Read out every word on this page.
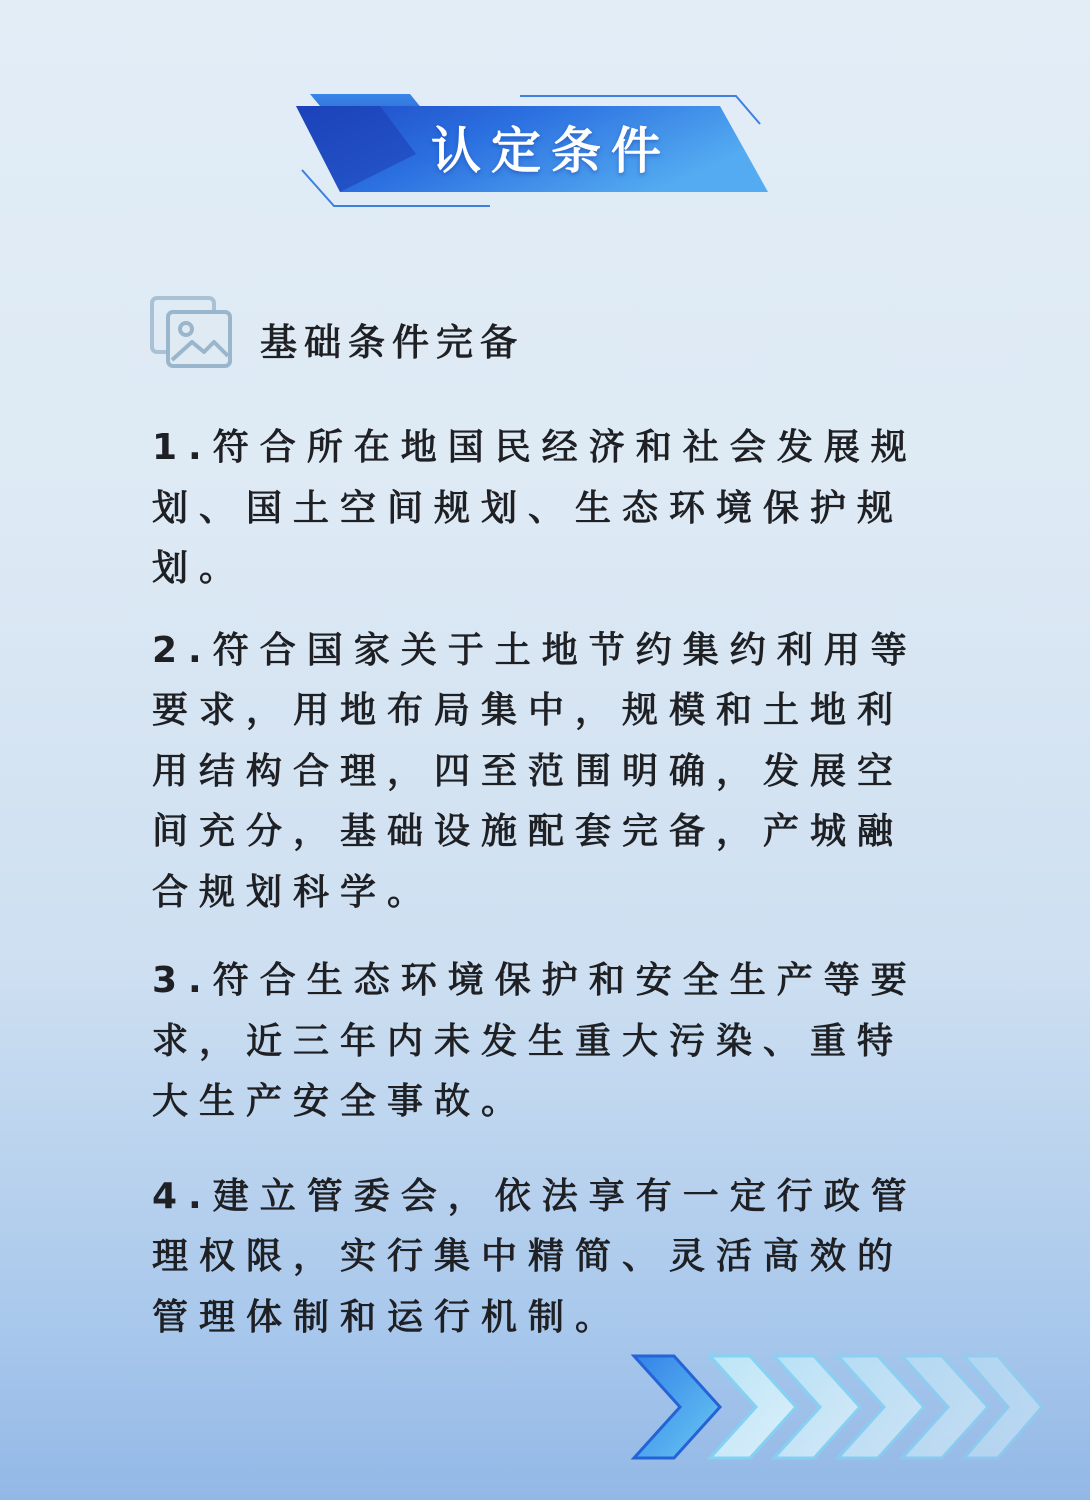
认定条件
基础条件完备

1.符合所在地国民经济和社会发展规划、国土空间规划、生态环境保护规划。

2.符合国家关于土地节约集约利用等要求，用地布局集中，规模和土地利用结构合理，四至范围明确，发展空间充分，基础设施配套完备，产城融合规划科学。

3.符合生态环境保护和安全生产等要求，近三年内未发生重大污染、重特大生产安全事故。

4.建立管委会，依法享有一定行政管理权限，实行集中精简、灵活高效的管理体制和运行机制。
